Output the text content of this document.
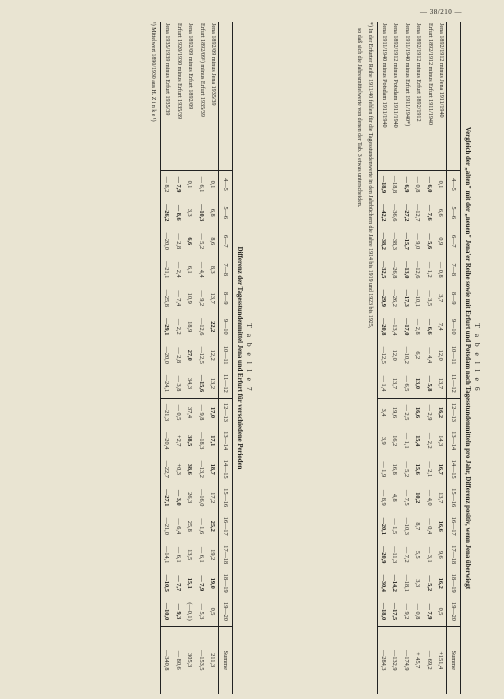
— 38/210 —

T a b e l l e 6

Vergleich der „alten" mit der „neuen" Jena'er Reihe sowie mit Erfurt und Potsdam nach Tagesstundenmitteln pro Jahr, Differenz positiv, wenn Jena überwiegt

	4—5	5—6	6—7	7—8	8—9	9—10	10—11	11—12	12—13	13—14	14—15	15—16	16—17	17—18	18—19	19—20	Summe
Jena 1892/1912 minus Jena 1911/1940	0,1	6,6	0,9	— 0,8	3,7	7,4	12,0	13,7	16,2	14,3	16,7	13,7	16,6	9,6	16,2	0,5	+151,4
Erfurt 1892/1912 minus Erfurt 1911/1940	— 6,0	— 7,6	— 5,6	— 1,2	— 3,5	— 6,6	— 4,4	— 5,8	— 2,9	— 2,2	— 2,1	— 4,0	— 0,4	— 3,1	— 5,2	— 7,9	— 69,2
Jena 1892/1912 minus Erfurt 1892/1912	— 0,8	—12,7	— 9,0	—12,6	—10,1	— 2,8	6,2	13,0	16,6	15,4	15,6	10,2	8,7	5,5	3,3	— 0,8	+ 45,7
Jena 1911/1940 minus Erfurt 1911/1940*)	— 6,9	—27,2	—15,7	—13,0	—17,3	—17,0	—10,2	— 6,5	— 2,5	— 1,1	— 5,2	— 7,5	—10,3	— 7,2	—18,1	— 9,2	—174,9
Jena 1892/1912 minus Potsdam 1911/1940	—18,8	—36,6	—38,3	—26,8	—26,2	—13,4	12,0	13,7	19,6	16,2	16,8	4,8	— 1,5	—11,3	—14,2	—17,5	—132,9
Jena 1911/1940 minus Potsdam 1911/1940	—18,9	—42,2	—38,2	—32,5	—29,9	—20,8	—12,5	— 1,4	3,4	3,9	— 1,9	— 8,9	—20,1	—20,9	—30,4	—18,0	—284,3

*) In der Erfurter Reihe 1911/40 fehlen für die Tagesstundenwerte in den Jahrbüchern die Jahre 1914 bis 1919 und 1923 bis 1925,

so daß sich die Jahresmittelwerte von denen der Tab. 3 etwas unterscheiden.

T a b e l l e 7

Differenz der Tagesstundenmittel Jena und Erfurt für verschiedene Perioden

	4—5	5—6	6—7	7—8	8—9	9—10	10—11	11—12	12—13	13—14	14—15	15—16	16—17	17—18	18—19	19—20	Summe
Jena 1892/09 minus Jena 1935/39	0,1	6,8	8,6	8,3	13,7	22,2	12,2	13,2	17,0	17,1	18,7	17,2	25,2	19,2	19,0	0,5	211,3
Erfurt 1892/09¹) minus Erfurt 1935/39	— 6,1	—10,3	— 5,2	— 4,4	— 9,2	—12,6	—12,5	—15,6	— 9,8	—18,3	—13,2	—16,0	— 1,6	— 6,1	— 7,9	— 5,3	—153,5
Jena 1892/09 minus Erfurt 1892/09	0,1	3,3	6,6	6,1	10,9	18,9	27,0	34,3	37,4	38,5	38,6	26,3	25,8	13,5	15,1	(—0,1)	305,3
Erfurt 1920/1930 minus Erfurt 1935/39	— 7,9	— 8,6	— 2,8	— 2,4	— 7,4	— 2,2	— 2,8	— 3,8	— 0,5	+2,7	+0,3	— 3,0	— 6,4	— 6,1	— 7,7	— 9,3	— 80,6
Jena 1935/1939 minus Erfurt 1935/39	— 8,2	—26,2	—20,0	—21,1	—25,8	—29,1	—20,0	—24,1	—21,3	—20,4	—22,7	—27,1	—21,0	—14,1	—10,5	—10,0	—340,8

¹) Mittelwert 1890/1930 aus H. Z i n k e ¹)
